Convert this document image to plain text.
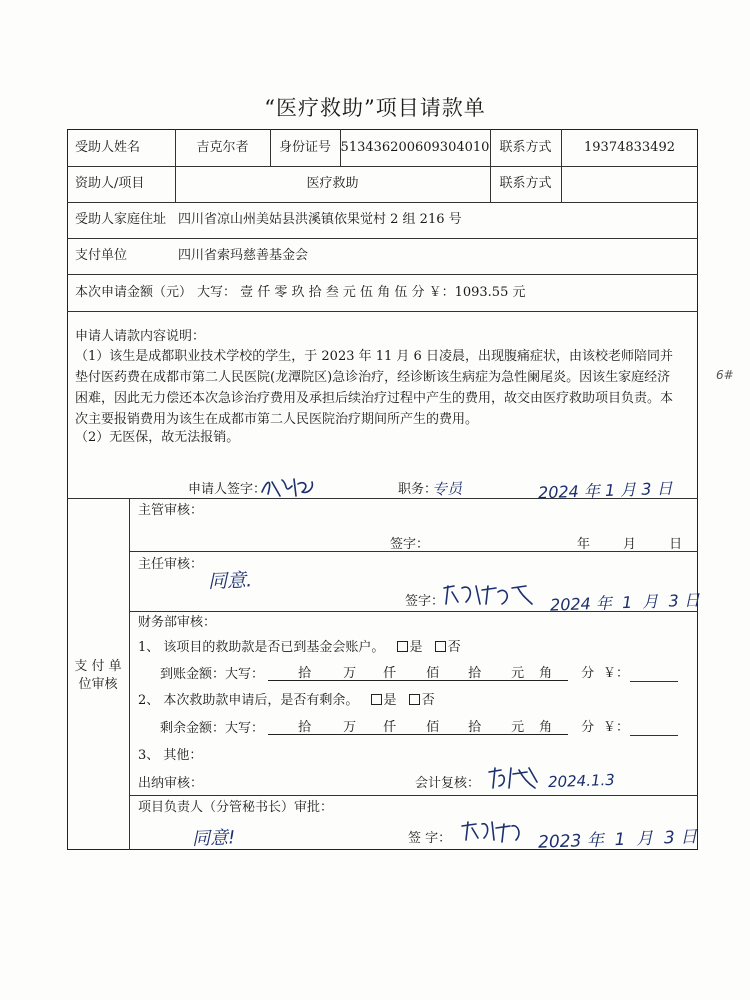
“医疗救助”项目请款单
受助人姓名	吉克尔者	身份证号 513436200609304010 联系方式	19374833492
资助人/项目	医疗救助	联系方式
受助人家庭住址 四川省凉山州美姑县洪溪镇依果觉村 2 组 216 号
支付单位	四川省索玛慈善基金会
本次申请金额（元） 大写： 壹 仟 零 玖 拾 叁 元 伍 角 伍 分 ￥：1093.55 元
申请人请款内容说明：
（1）该生是成都职业技术学校的学生，于 2023 年 11 月 6 日凌晨，出现腹痛症状，由该校老师陪同并垫付医药费在成都市第二人民医院(龙潭院区)急诊治疗，经诊断该生病症为急性阑尾炎。因该生家庭经济困难，因此无力偿还本次急诊治疗费用及承担后续治疗过程中产生的费用，故交由医疗救助项目负责。本次主要报销费用为该生在成都市第二人民医院治疗期间所产生的费用。
（2）无医保，故无法报销。
申请人签字：	职务：
专员	2024 年 1 月 3 日
支 付 单 位审核
主管审核：
签字：	年        月        日
主任审核：
同意.
签字：	2024 年  1  月  3 日
财务部审核：
1、 该项目的救助款是否已到基金会账户。 是 否
到账金额：大写：	拾 万 仟 佰 拾 元 角 分 ￥：
2、 本次救助款申请后，是否有剩余。 是 否
剩余金额：大写：	拾 万 仟 佰 拾 元 角 分 ￥：
3、 其他：
出纳审核：	会计复核：	2024.1.3
项目负责人（分管秘书长）审批：
同意!	签 字：	2023 年  1  月  3 日
6#
